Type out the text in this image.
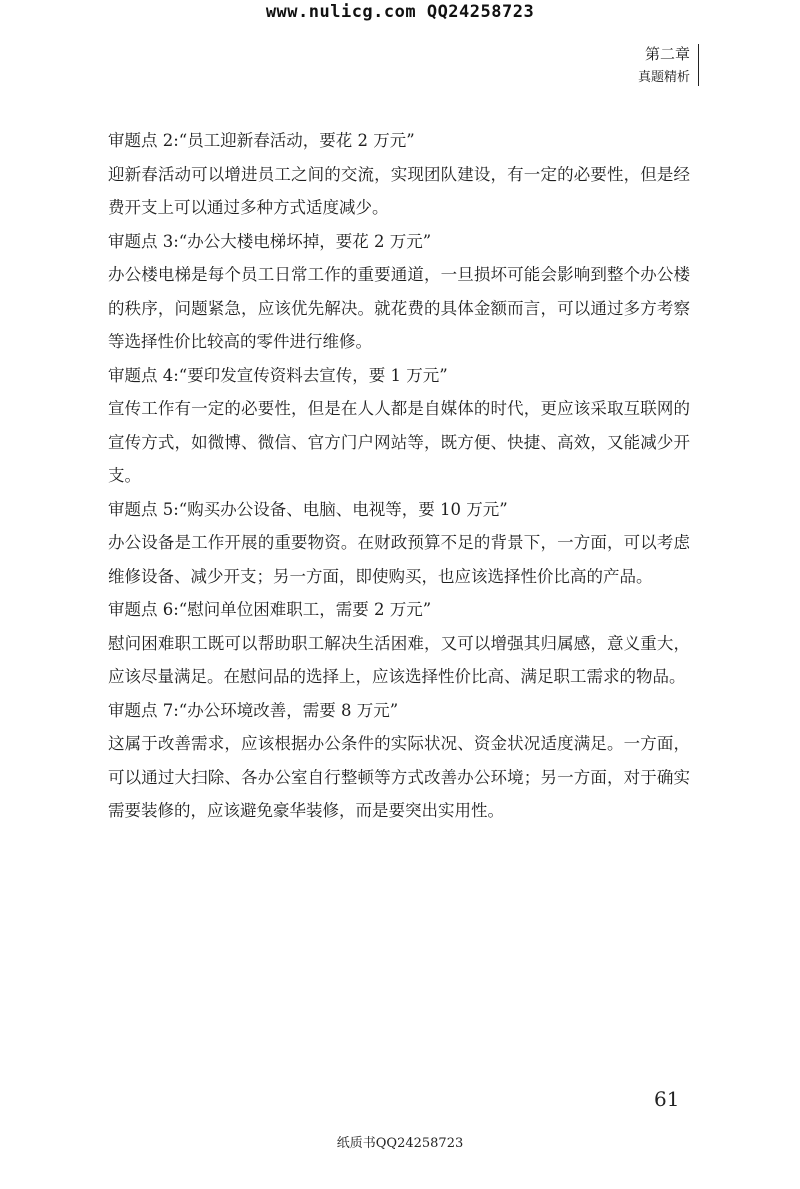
www.nulicg.com QQ24258723
第二章
真题精析

审题点 2:“员工迎新春活动，要花 2 万元”

迎新春活动可以增进员工之间的交流，实现团队建设，有一定的必要性，但是经费开支上可以通过多种方式适度减少。

审题点 3:“办公大楼电梯坏掉，要花 2 万元”

办公楼电梯是每个员工日常工作的重要通道，一旦损坏可能会影响到整个办公楼的秩序，问题紧急，应该优先解决。就花费的具体金额而言，可以通过多方考察等选择性价比较高的零件进行维修。

审题点 4:“要印发宣传资料去宣传，要 1 万元”

宣传工作有一定的必要性，但是在人人都是自媒体的时代，更应该采取互联网的宣传方式，如微博、微信、官方门户网站等，既方便、快捷、高效，又能减少开支。

审题点 5:“购买办公设备、电脑、电视等，要 10 万元”

办公设备是工作开展的重要物资。在财政预算不足的背景下，一方面，可以考虑维修设备、减少开支；另一方面，即使购买，也应该选择性价比高的产品。

审题点 6:“慰问单位困难职工，需要 2 万元”

慰问困难职工既可以帮助职工解决生活困难，又可以增强其归属感，意义重大，应该尽量满足。在慰问品的选择上，应该选择性价比高、满足职工需求的物品。

审题点 7:“办公环境改善，需要 8 万元”

这属于改善需求，应该根据办公条件的实际状况、资金状况适度满足。一方面，可以通过大扫除、各办公室自行整顿等方式改善办公环境；另一方面，对于确实需要装修的，应该避免豪华装修，而是要突出实用性。

61
纸质书QQ24258723
